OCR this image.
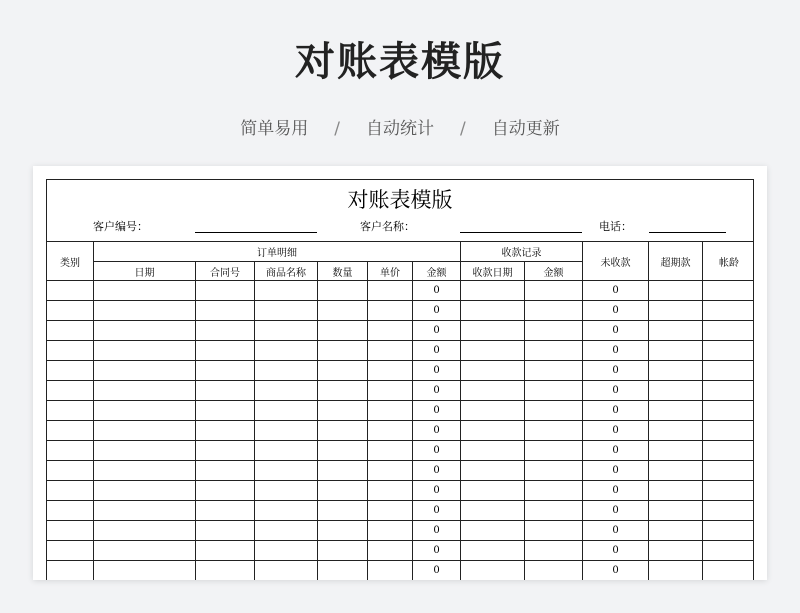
对账表模版
简单易用 / 自动统计 / 自动更新
对账表模版
客户编号：	客户名称：	电话：
类别	订单明细						收款记录		未收款	超期款	帐龄
	日期	合同号	商品名称	数量	单价	金额	收款日期	金额			
						0			0		
						0			0		
						0			0		
						0			0		
						0			0		
						0			0		
						0			0		
						0			0		
						0			0		
						0			0		
						0			0		
						0			0		
						0			0		
						0			0		
						0			0		
